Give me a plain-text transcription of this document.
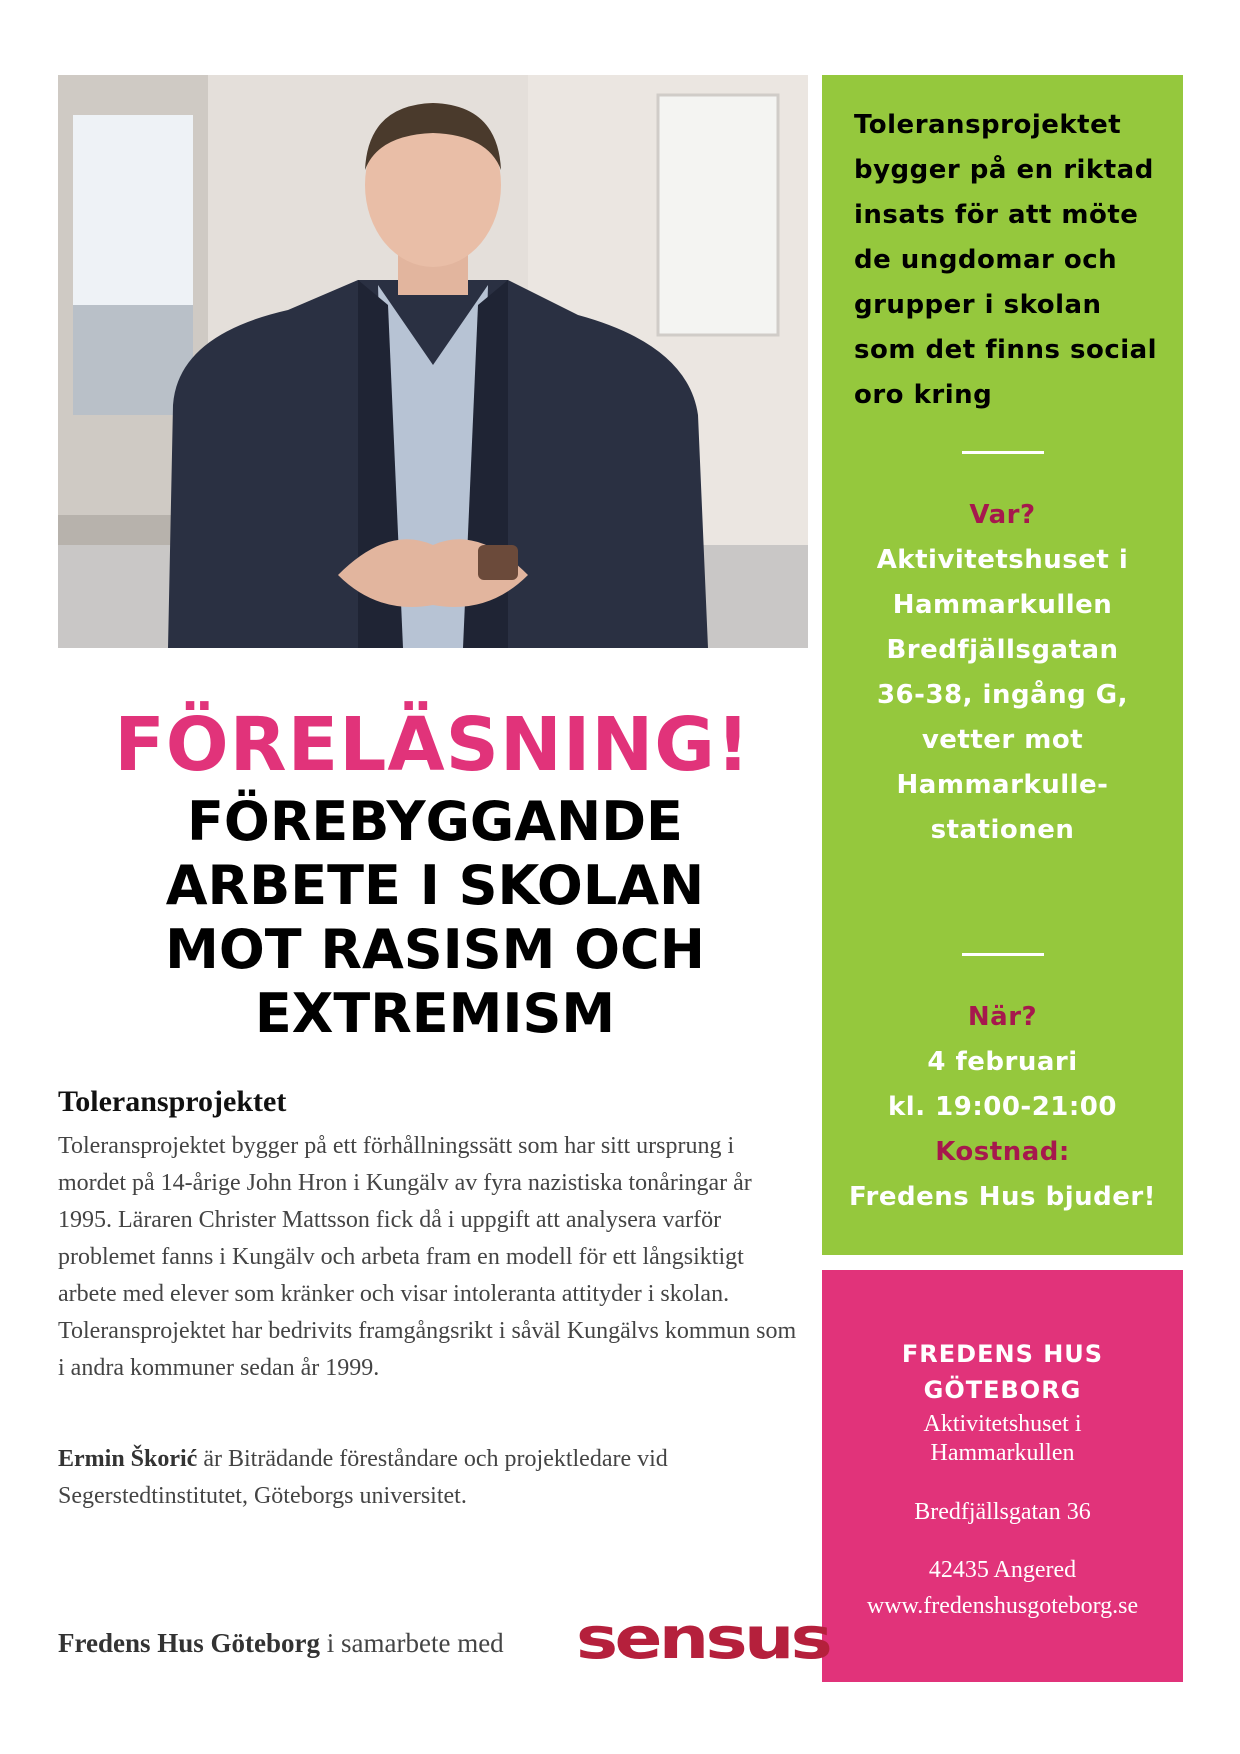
Toleransprojektet bygger på en riktad insats för att möte de ungdomar och grupper i skolan som det finns social oro kring
Var?
Aktivitetshuset i
Hammarkullen
Bredfjällsgatan
36-38, ingång G,
vetter mot
Hammarkulle-
stationen
När?
4 februari
kl. 19:00-21:00
Kostnad:
Fredens Hus bjuder!
FREDENS HUS
GÖTEBORG
Aktivitetshuset i
Hammarkullen
Bredfjällsgatan 36
42435 Angered
www.fredenshusgoteborg.se
FÖRELÄSNING!
FÖREBYGGANDE
ARBETE I SKOLAN
MOT RASISM OCH
EXTREMISM
Toleransprojektet
Toleransprojektet bygger på ett förhållningssätt som har sitt ursprung i mordet på 14-årige John Hron i Kungälv av fyra nazistiska tonåringar år 1995. Läraren Christer Mattsson fick då i uppgift att analysera varför problemet fanns i Kungälv och arbeta fram en modell för ett långsiktigt arbete med elever som kränker och visar intoleranta attityder i skolan. Toleransprojektet har bedrivits framgångsrikt i såväl Kungälvs kommun som i andra kommuner sedan år 1999.
Ermin Škorić är Biträdande föreståndare och projektledare vid Segerstedtinstitutet, Göteborgs universitet.
Fredens Hus Göteborg i samarbete med sensus
